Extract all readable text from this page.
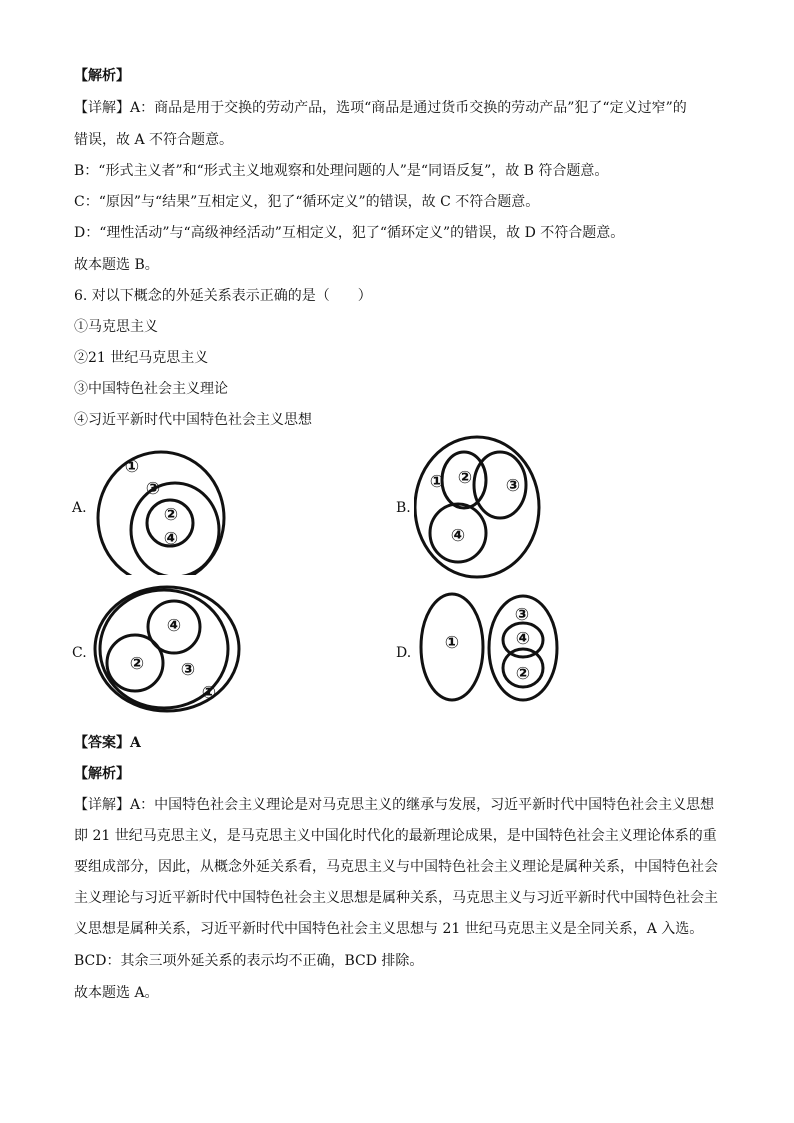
【解析】
【详解】A：商品是用于交换的劳动产品，选项“商品是通过货币交换的劳动产品”犯了“定义过窄”的
错误，故 A 不符合题意。
B：“形式主义者”和“形式主义地观察和处理问题的人”是“同语反复”，故 B 符合题意。
C：“原因”与“结果”互相定义，犯了“循环定义”的错误，故 C 不符合题意。
D：“理性活动”与“高级神经活动”互相定义，犯了“循环定义”的错误，故 D 不符合题意。
故本题选 B。
6. 对以下概念的外延关系表示正确的是（　　）
①马克思主义
②21 世纪马克思主义
③中国特色社会主义理论
④习近平新时代中国特色社会主义思想
A.
①
③
②
④
B.
① ② ③
④
C.
④
② ③
①
D. ①
③
④
②
【答案】A
【解析】
【详解】A：中国特色社会主义理论是对马克思主义的继承与发展，习近平新时代中国特色社会主义思想即 21 世纪马克思主义，是马克思主义中国化时代化的最新理论成果，是中国特色社会主义理论体系的重要组成部分，因此，从概念外延关系看，马克思主义与中国特色社会主义理论是属种关系，中国特色社会主义理论与习近平新时代中国特色社会主义思想是属种关系，马克思主义与习近平新时代中国特色社会主义思想是属种关系，习近平新时代中国特色社会主义思想与 21 世纪马克思主义是全同关系，A 入选。
BCD：其余三项外延关系的表示均不正确，BCD 排除。
故本题选 A。
